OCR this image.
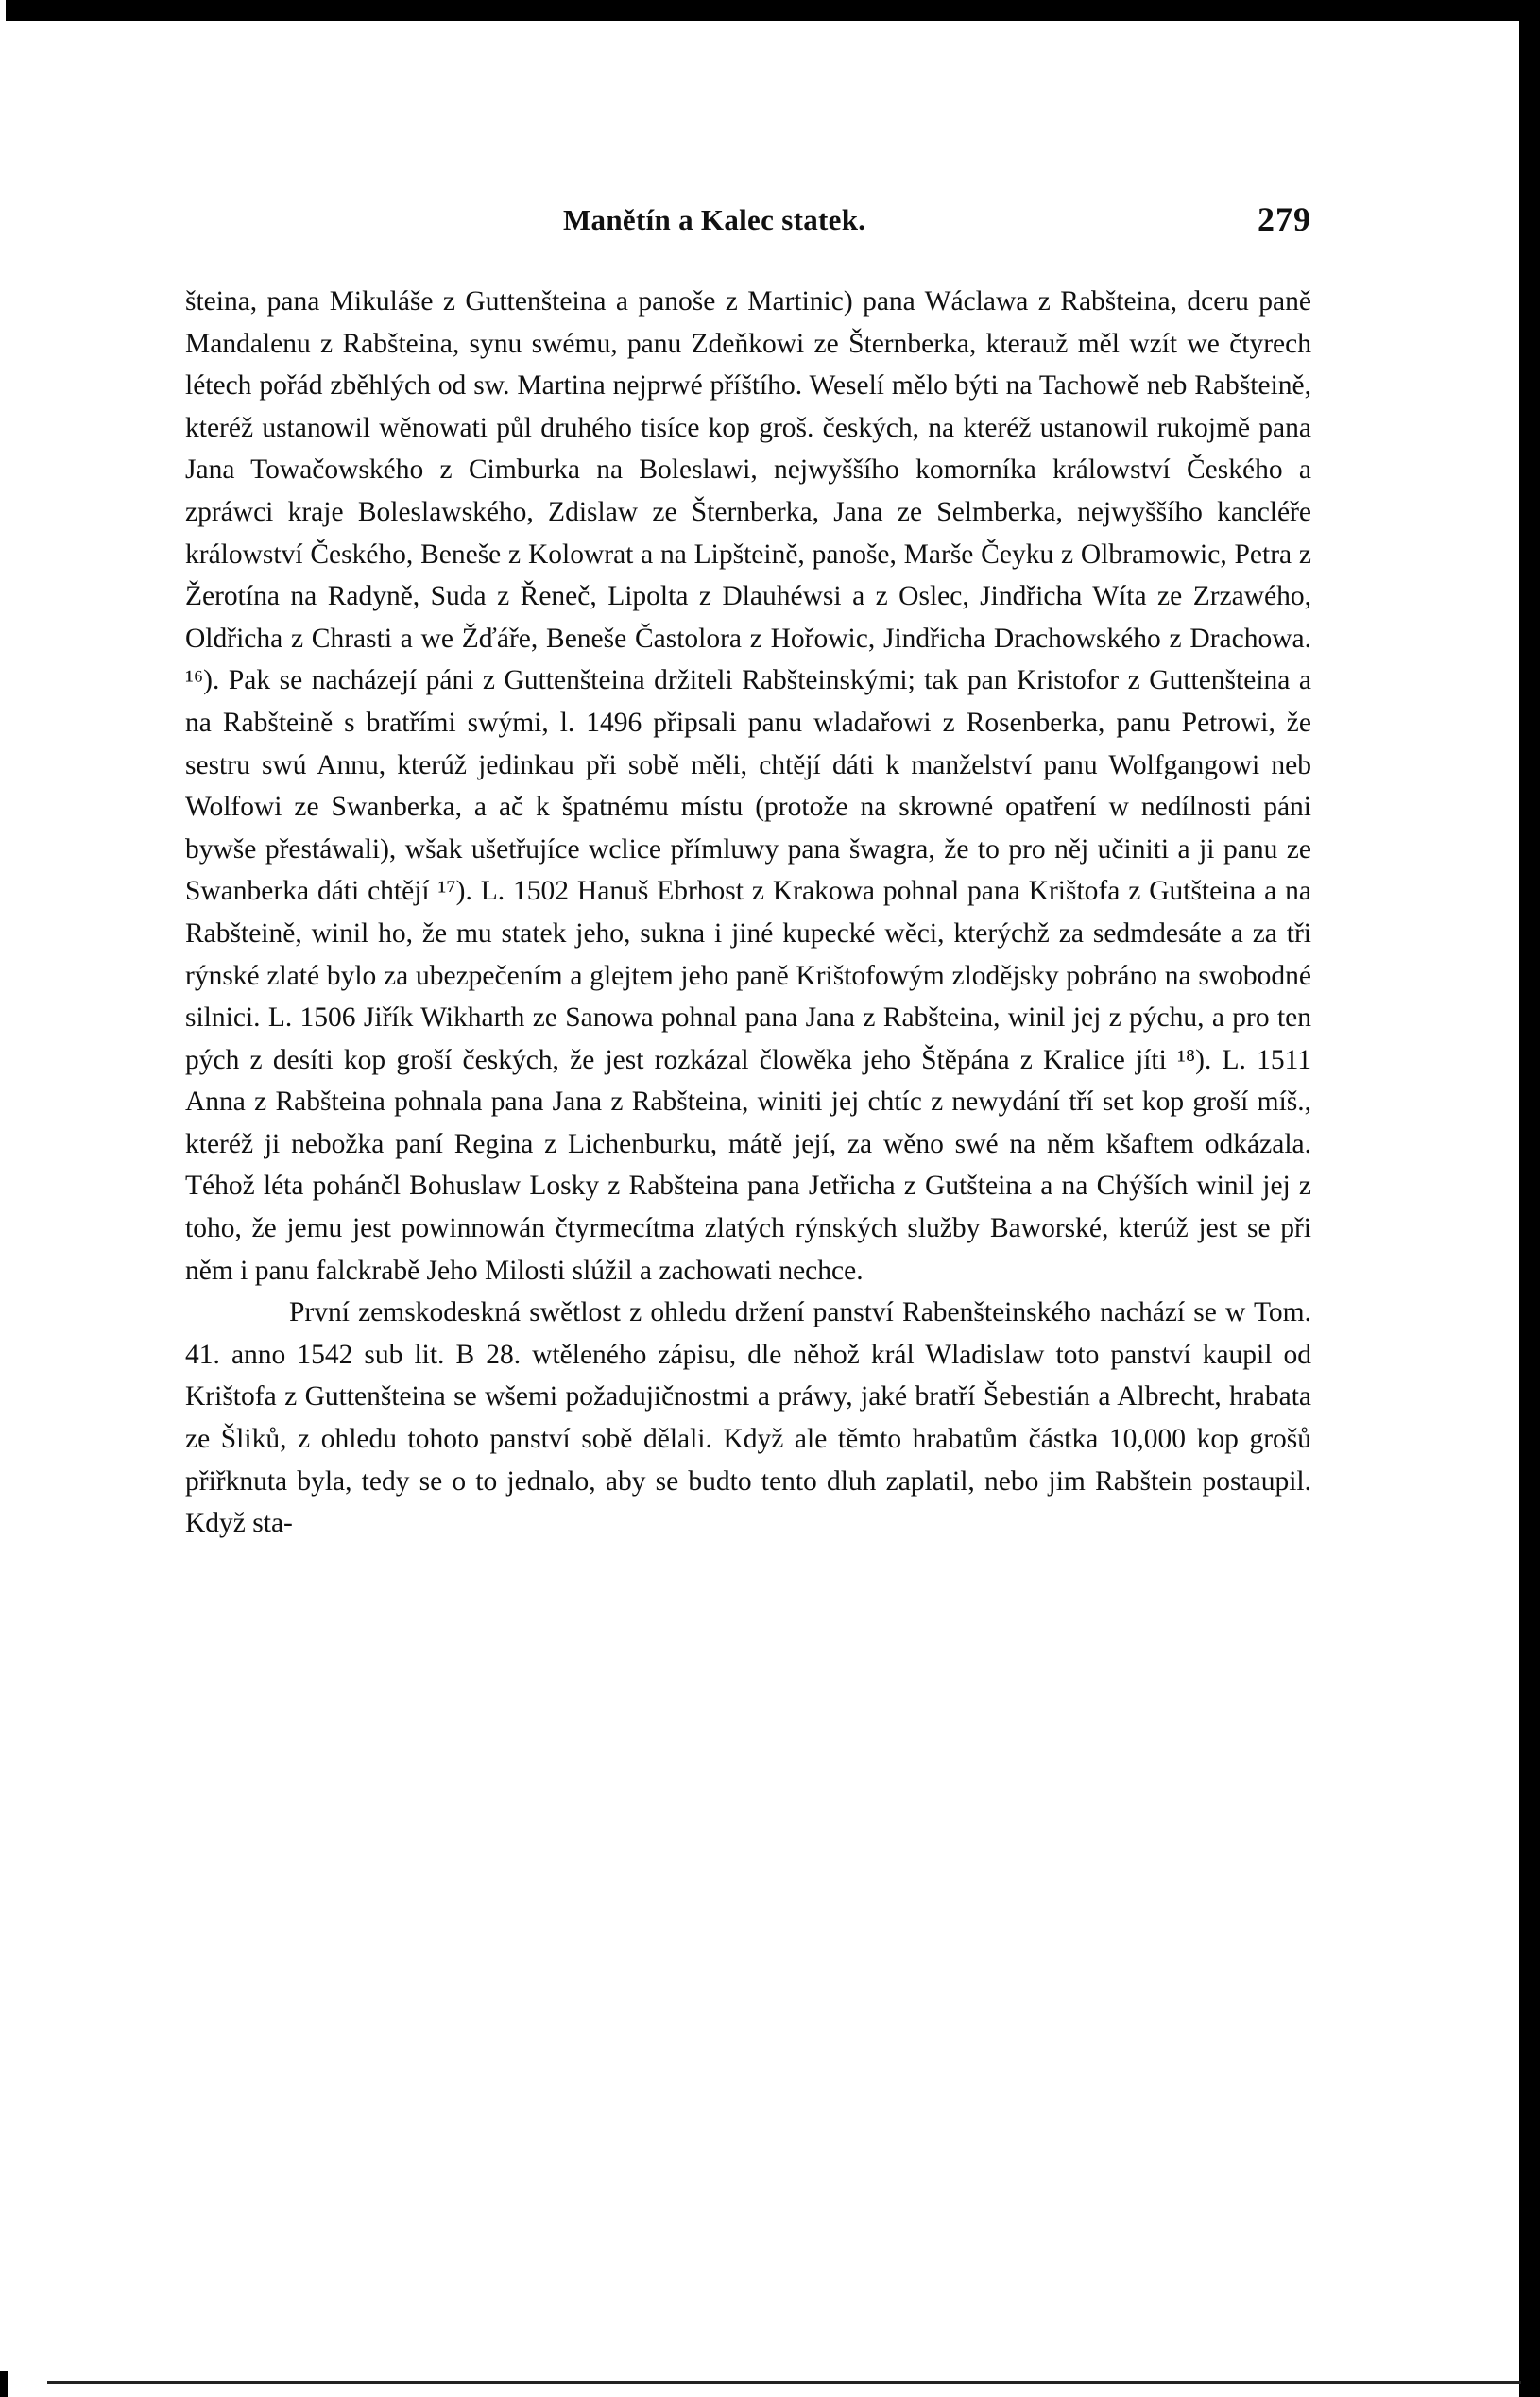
Manětín a Kalec statek.	279

šteina, pana Mikuláše z Guttenšteina a panoše z Martinic) pana Wáclawa z Rabšteina, dceru paně Mandalenu z Rabšteina, synu swému, panu Zdeňkowi ze Šternberka, kterauž měl wzít we čtyrech létech pořád zběhlých od sw. Martina nejprwé příštího. Weselí mělo býti na Tachowě neb Rabšteině, kteréž ustanowil wěnowati půl druhého tisíce kop groš. českých, na kteréž ustanowil rukojmě pana Jana Towačowského z Cimburka na Boleslawi, nejwyššího komorníka králowství Českého a zpráwci kraje Boleslawského, Zdislaw ze Šternberka, Jana ze Selmberka, nejwyššího kancléře králowství Českého, Beneše z Kolowrat a na Lipšteině, panoše, Marše Čeyku z Olbramowic, Petra z Žerotína na Radyně, Suda z Řeneč, Lipolta z Dlauhéwsi a z Oslec, Jindřicha Wíta ze Zrzawého, Oldřicha z Chrasti a we Žďáře, Beneše Častolora z Hořowic, Jindřicha Drachowského z Drachowa. ¹⁶). Pak se nacházejí páni z Guttenšteina držiteli Rabšteinskými; tak pan Kristofor z Guttenšteina a na Rabšteině s bratřími swými, l. 1496 připsali panu wladařowi z Rosenberka, panu Petrowi, že sestru swú Annu, kterúž jedinkau při sobě měli, chtějí dáti k manželství panu Wolfgangowi neb Wolfowi ze Swanberka, a ač k špatnému místu (protože na skrowné opatření w nedílnosti páni bywše přestáwali), wšak ušetřujíce wclice přímluwy pana šwagra, že to pro něj učiniti a ji panu ze Swanberka dáti chtějí ¹⁷). L. 1502 Hanuš Ebrhost z Krakowa pohnal pana Krištofa z Gutšteina a na Rabšteině, winil ho, že mu statek jeho, sukna i jiné kupecké wěci, kterýchž za sedmdesáte a za tři rýnské zlaté bylo za ubezpečením a glejtem jeho paně Krištofowým zlodějsky pobráno na swobodné silnici. L. 1506 Jiřík Wikharth ze Sanowa pohnal pana Jana z Rabšteina, winil jej z pýchu, a pro ten pých z desíti kop groší českých, že jest rozkázal člowěka jeho Štěpána z Kralice jíti ¹⁸). L. 1511 Anna z Rabšteina pohnala pana Jana z Rabšteina, winiti jej chtíc z newydání tří set kop groší míš., kteréž ji nebožka paní Regina z Lichenburku, mátě její, za wěno swé na něm kšaftem odkázala. Téhož léta pohánčl Bohuslaw Losky z Rabšteina pana Jetřicha z Gutšteina a na Chýších winil jej z toho, že jemu jest powinnowán čtyrmecítma zlatých rýnských služby Baworské, kterúž jest se při něm i panu falckrabě Jeho Milosti slúžil a zachowati nechce.

První zemskodeskná swětlost z ohledu držení panství Rabenšteinského nachází se w Tom. 41. anno 1542 sub lit. B 28. wtěleného zápisu, dle něhož král Wladislaw toto panství kaupil od Krištofa z Guttenšteina se wšemi požadujičnostmi a práwy, jaké bratří Šebestián a Albrecht, hrabata ze Šliků, z ohledu tohoto panství sobě dělali. Když ale těmto hrabatům částka 10,000 kop grošů přiřknuta byla, tedy se o to jednalo, aby se budto tento dluh zaplatil, nebo jim Rabštein postaupil. Když sta-
